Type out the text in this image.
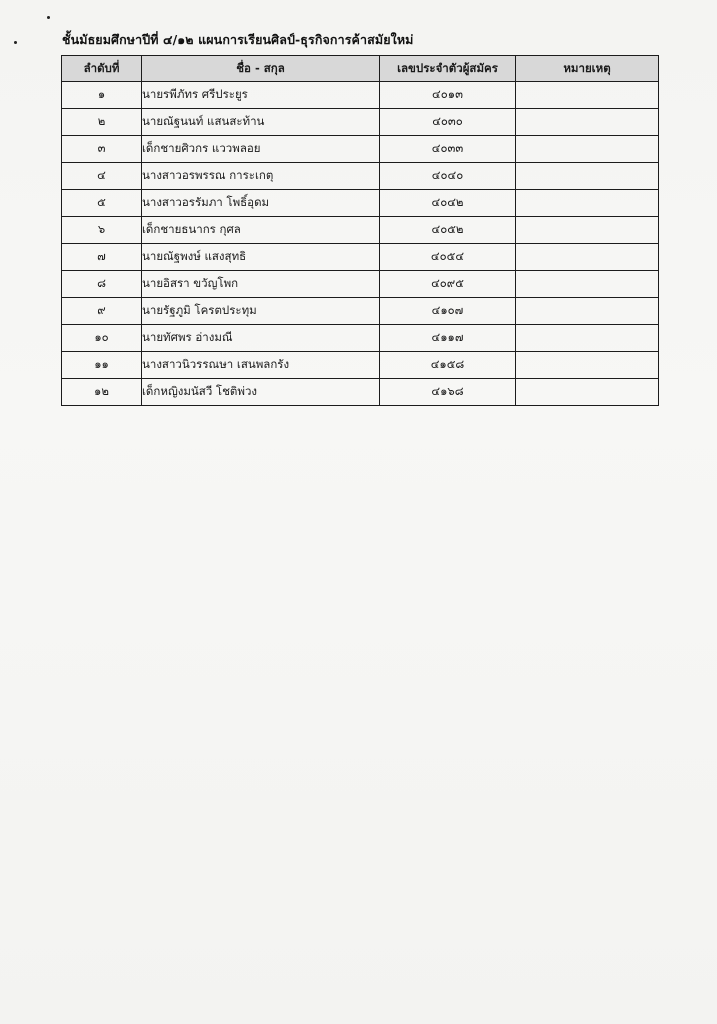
ชั้นมัธยมศึกษาปีที่ ๔/๑๒ แผนการเรียนศิลป์-ธุรกิจการค้าสมัยใหม่
ลำดับที่	ชื่อ - สกุล	เลขประจำตัวผู้สมัคร	หมายเหตุ
๑	นายรพีภัทร ศรีประยูร	๔๐๑๓	
๒	นายณัฐนนท์ แสนสะท้าน	๔๐๓๐	
๓	เด็กชายศิวกร แววพลอย	๔๐๓๓	
๔	นางสาวอรพรรณ การะเกตุ	๔๐๔๐	
๕	นางสาวอรรัมภา โพธิ์อุดม	๔๐๔๒	
๖	เด็กชายธนากร กุศล	๔๐๕๒	
๗	นายณัฐพงษ์ แสงสุทธิ	๔๐๕๔	
๘	นายอิสรา ขวัญโพก	๔๐๙๕	
๙	นายรัฐภูมิ โครตประทุม	๔๑๐๗	
๑๐	นายทัศพร อ่างมณี	๔๑๑๗	
๑๑	นางสาวนิวรรณษา เสนพลกรัง	๔๑๕๘	
๑๒	เด็กหญิงมนัสวี โชติพ่วง	๔๑๖๘	
